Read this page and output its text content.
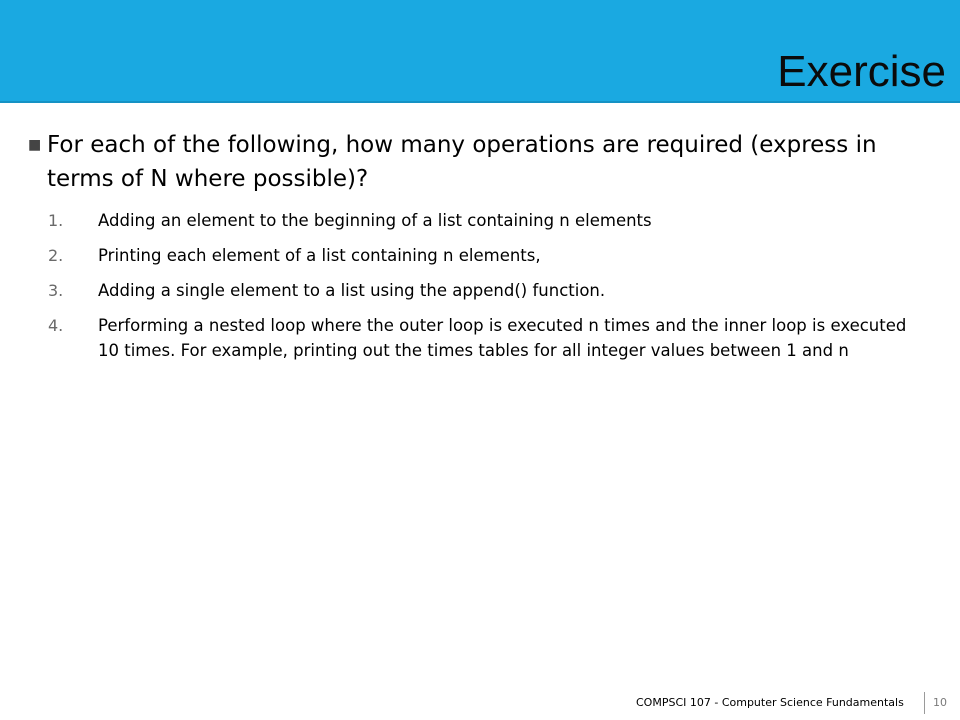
Exercise
■ For each of the following, how many operations are required (express in terms of N where possible)?
1.	Adding an element to the beginning of a list containing n elements
2.	Printing each element of a list containing n elements,
3.	Adding a single element to a list using the append() function.
4.	Performing a nested loop where the outer loop is executed n times and the inner loop is executed 10 times. For example, printing out the times tables for all integer values between 1 and n
COMPSCI 107 - Computer Science Fundamentals	10
